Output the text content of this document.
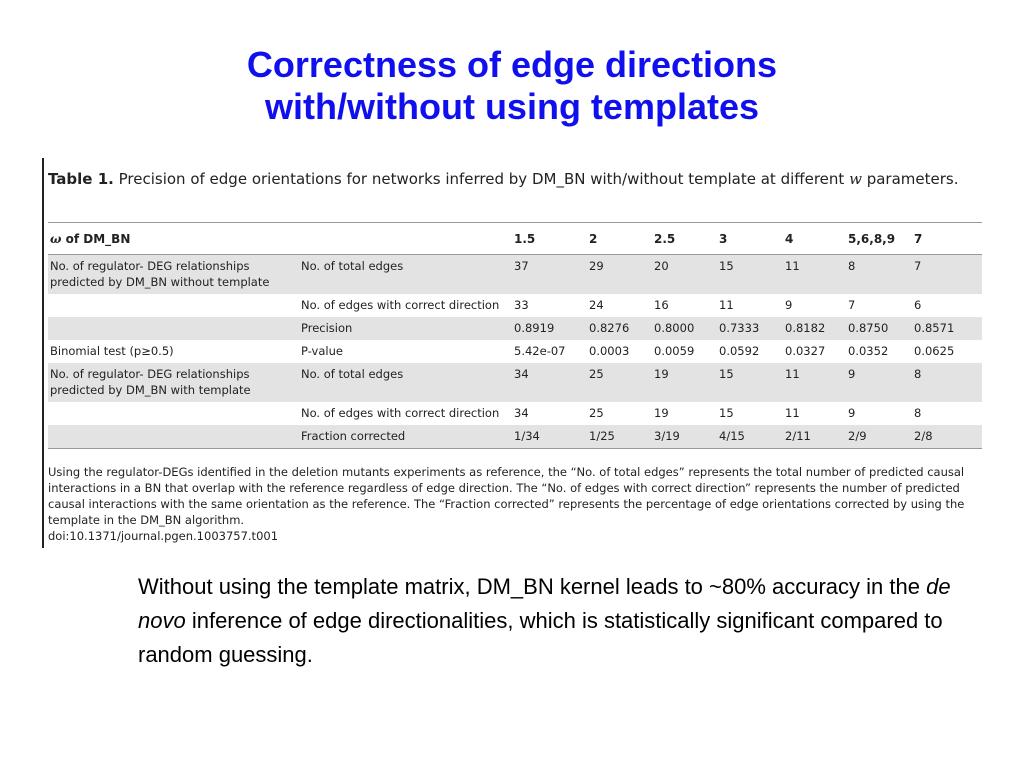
Correctness of edge directions
with/without using templates
Table 1. Precision of edge orientations for networks inferred by DM_BN with/without template at different w parameters.
ω of DM_BN		1.5	2	2.5	3	4	5,6,8,9	7
No. of regulator- DEG relationships predicted by DM_BN without template	No. of total edges	37	29	20	15	11	8	7
	No. of edges with correct direction	33	24	16	11	9	7	6
	Precision	0.8919	0.8276	0.8000	0.7333	0.8182	0.8750	0.8571
Binomial test (p≥0.5)	P-value	5.42e-07	0.0003	0.0059	0.0592	0.0327	0.0352	0.0625
No. of regulator- DEG relationships predicted by DM_BN with template	No. of total edges	34	25	19	15	11	9	8
	No. of edges with correct direction	34	25	19	15	11	9	8
	Fraction corrected	1/34	1/25	3/19	4/15	2/11	2/9	2/8
Using the regulator-DEGs identified in the deletion mutants experiments as reference, the “No. of total edges” represents the total number of predicted causal interactions in a BN that overlap with the reference regardless of edge direction. The “No. of edges with correct direction” represents the number of predicted causal interactions with the same orientation as the reference. The “Fraction corrected” represents the percentage of edge orientations corrected by using the template in the DM_BN algorithm.
doi:10.1371/journal.pgen.1003757.t001
Without using the template matrix, DM_BN kernel leads to ~80% accuracy in the de novo inference of edge directionalities, which is statistically significant compared to random guessing.
